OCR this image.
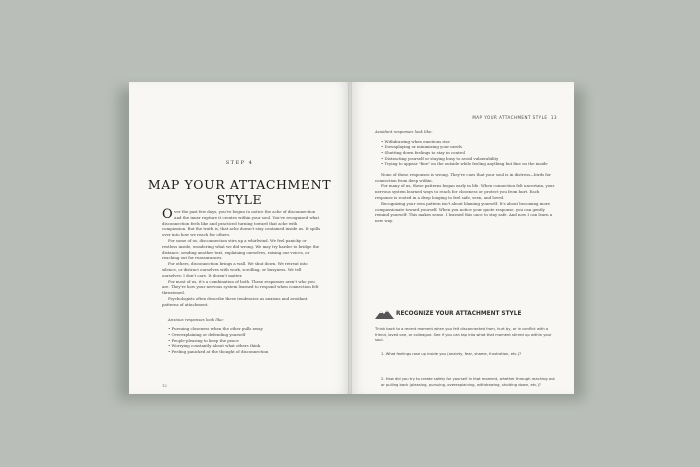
STEP 4
MAP YOUR ATTACHMENT STYLE

Over the past few days, you've begun to notice the ache of disconnection and the inner rupture it creates within your soul. You've recognized what disconnection feels like and practiced turning toward that ache with compassion. But the truth is, that ache doesn't stay contained inside us. It spills over into how we reach for others.

For some of us, disconnection stirs up a whirlwind. We feel panicky or restless inside, wondering what we did wrong. We may try harder to bridge the distance, sending another text, explaining ourselves, raising our voices, or reaching out for reassurances.

For others, disconnection brings a wall. We shut down. We retreat into silence, or distract ourselves with work, scrolling, or busyness. We tell ourselves: I don't care. It doesn't matter.

For most of us, it's a combination of both. These responses aren't who you are. They're how your nervous system learned to respond when connection felt threatened.

Psychologists often describe these tendencies as anxious and avoidant patterns of attachment.

Anxious responses look like:

• Pursuing closeness when the other pulls away
• Overexplaining or defending yourself
• People-pleasing to keep the peace
• Worrying constantly about what others think
• Feeling panicked at the thought of disconnection
12
MAP YOUR ATTACHMENT STYLE 13

Avoidant responses look like:

• Withdrawing when emotions rise
• Downplaying or minimizing your needs
• Shutting down feelings to stay in control
• Distracting yourself or staying busy to avoid vulnerability
• Trying to appear "fine" on the outside while feeling anything but fine on the inside

None of these responses is wrong. They're cues that your soul is in distress—birds for connection from deep within.

For many of us, these patterns began early in life. When connection felt uncertain, your nervous system learned ways to reach for closeness or protect you from hurt. Each response is rooted in a deep longing to feel safe, seen, and loved.

Recognizing your own pattern isn't about blaming yourself. It's about becoming more compassionate toward yourself. When you notice your quote response, you can gently remind yourself: This makes sense. I learned this once to stay safe. And now I can learn a new way.

RECOGNIZE YOUR ATTACHMENT STYLE

Think back to a recent moment when you felt disconnected from, hurt by, or in conflict with a friend, loved one, or colleague. See if you can tap into what that moment stirred up within your soul.

1. What feelings rose up inside you (anxiety, fear, shame, frustration, etc.)?

2. How did you try to create safety for yourself in that moment, whether through reaching out or pulling back (pleasing, pursuing, overexplaining, withdrawing, shutting down, etc.)?
